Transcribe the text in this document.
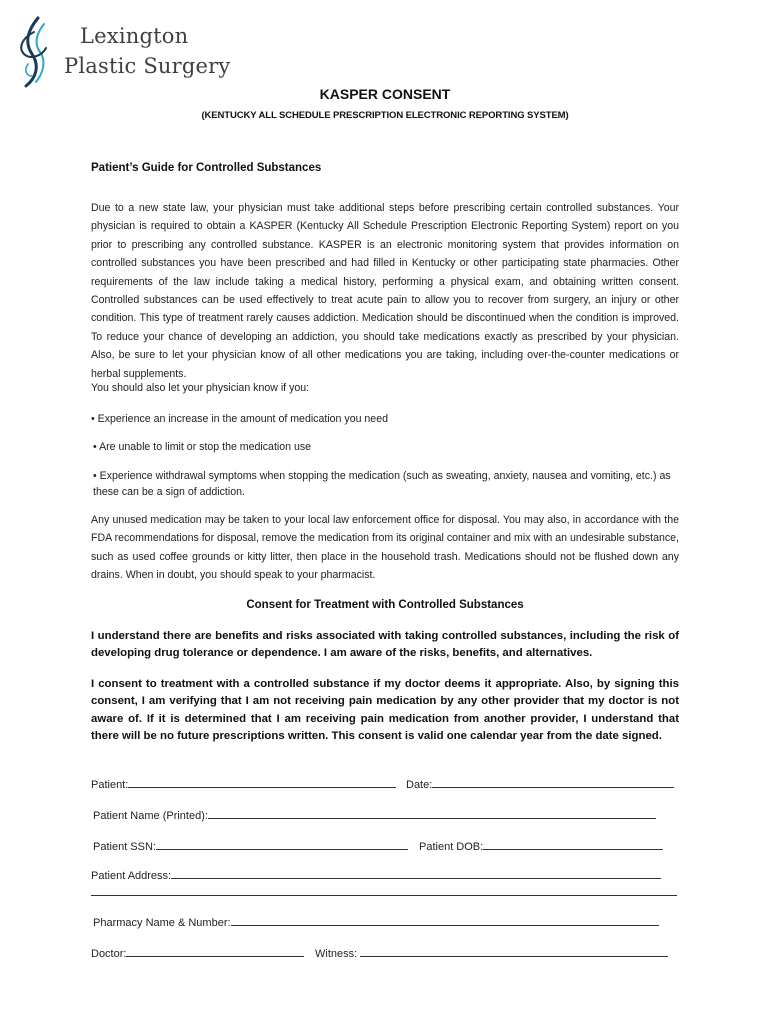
Lexington
Plastic Surgery
KASPER CONSENT
(KENTUCKY ALL SCHEDULE PRESCRIPTION ELECTRONIC REPORTING SYSTEM)
Patient’s Guide for Controlled Substances
Due to a new state law, your physician must take additional steps before prescribing certain controlled substances. Your physician is required to obtain a KASPER (Kentucky All Schedule Prescription Electronic Reporting System) report on you prior to prescribing any controlled substance. KASPER is an electronic monitoring system that provides information on controlled substances you have been prescribed and had filled in Kentucky or other participating state pharmacies. Other requirements of the law include taking a medical history, performing a physical exam, and obtaining written consent. Controlled substances can be used effectively to treat acute pain to allow you to recover from surgery, an injury or other condition. This type of treatment rarely causes addiction. Medication should be discontinued when the condition is improved. To reduce your chance of developing an addiction, you should take medications exactly as prescribed by your physician. Also, be sure to let your physician know of all other medications you are taking, including over-the-counter medications or herbal supplements.
You should also let your physician know if you:
• Experience an increase in the amount of medication you need
• Are unable to limit or stop the medication use
• Experience withdrawal symptoms when stopping the medication (such as sweating, anxiety, nausea and vomiting, etc.) as these can be a sign of addiction.
Any unused medication may be taken to your local law enforcement office for disposal. You may also, in accordance with the FDA recommendations for disposal, remove the medication from its original container and mix with an undesirable substance, such as used coffee grounds or kitty litter, then place in the household trash. Medications should not be flushed down any drains. When in doubt, you should speak to your pharmacist.
Consent for Treatment with Controlled Substances
I understand there are benefits and risks associated with taking controlled substances, including the risk of developing drug tolerance or dependence. I am aware of the risks, benefits, and alternatives.
I consent to treatment with a controlled substance if my doctor deems it appropriate. Also, by signing this consent, I am verifying that I am not receiving pain medication by any other provider that my doctor is not aware of. If it is determined that I am receiving pain medication from another provider, I understand that there will be no future prescriptions written. This consent is valid one calendar year from the date signed.
Patient:	Date:
Patient Name (Printed):
Patient SSN:	Patient DOB:
Patient Address:
Pharmacy Name & Number:
Doctor:	Witness:
